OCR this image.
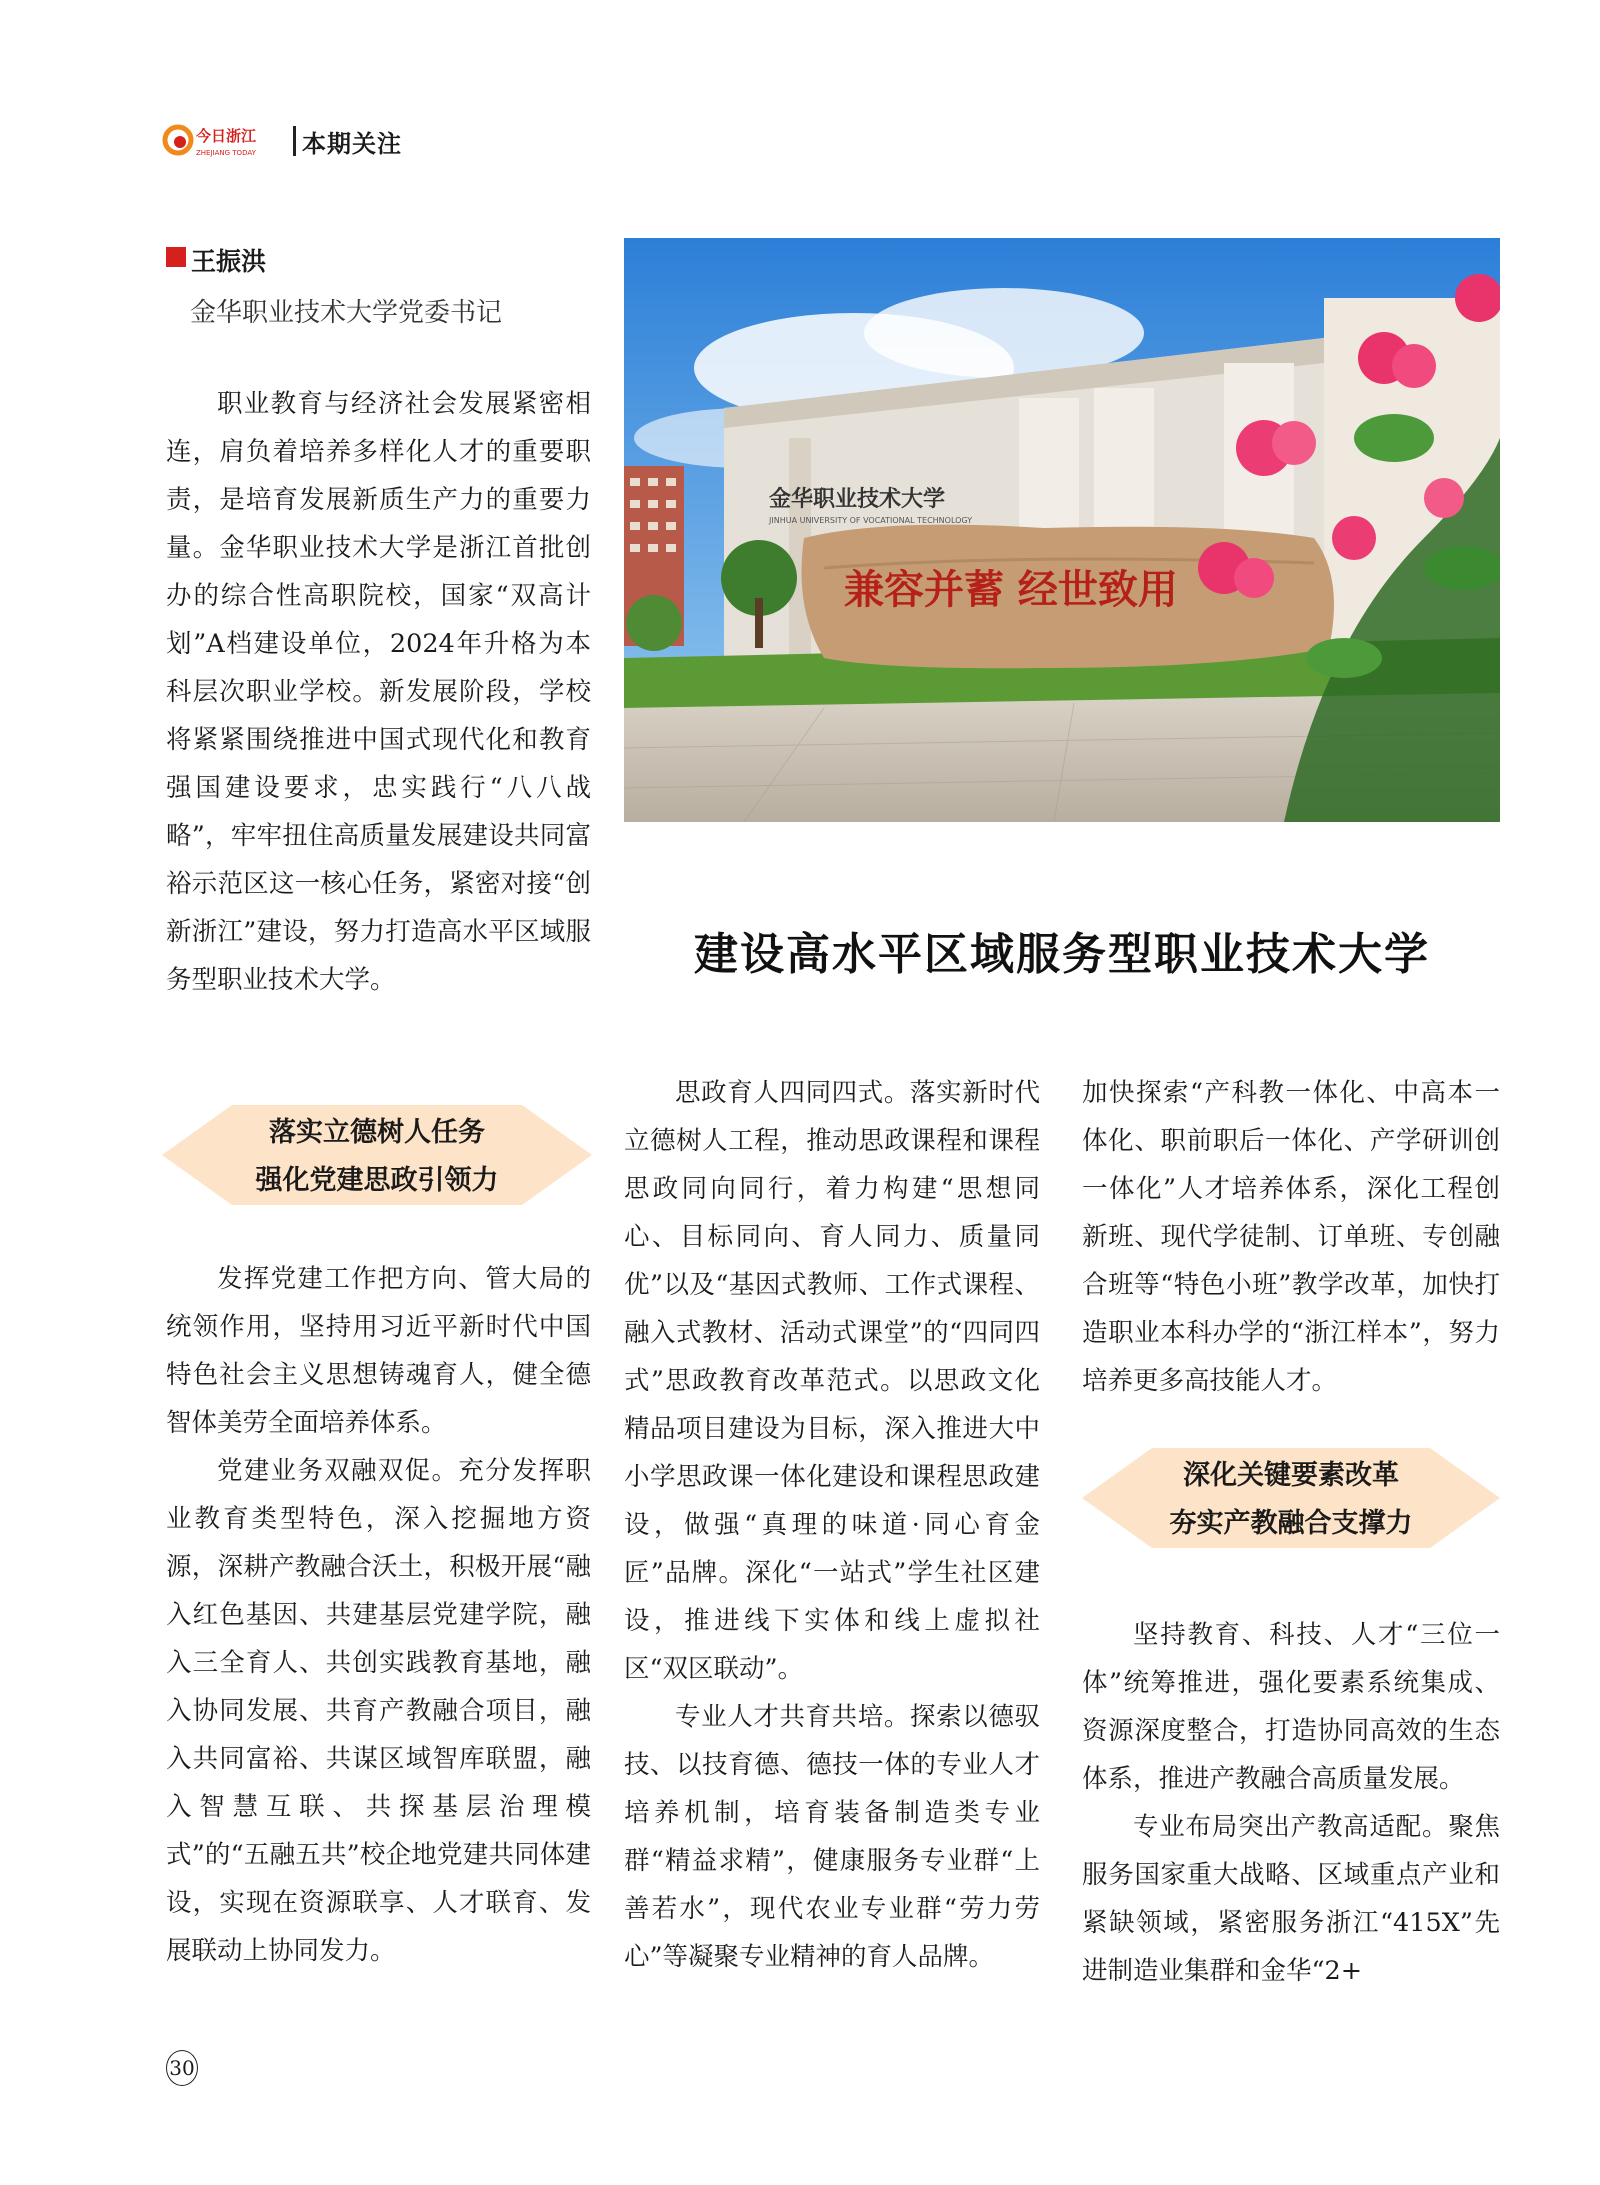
今日浙江
ZHEJIANG TODAY 本期关注
王振洪
金华职业技术大学党委书记
金华职业技术大学
JINHUA UNIVERSITY OF VOCATIONAL TECHNOLOGY
兼容并蓄 经世致用
建设高水平区域服务型职业技术大学

职业教育与经济社会发展紧密相连，肩负着培养多样化人才的重要职责，是培育发展新质生产力的重要力量。金华职业技术大学是浙江首批创办的综合性高职院校，国家“双高计划”A档建设单位，2024年升格为本科层次职业学校。新发展阶段，学校将紧紧围绕推进中国式现代化和教育强国建设要求，忠实践行“八八战略”，牢牢扭住高质量发展建设共同富裕示范区这一核心任务，紧密对接“创新浙江”建设，努力打造高水平区域服务型职业技术大学。

落实立德树人任务
强化党建思政引领力

发挥党建工作把方向、管大局的统领作用，坚持用习近平新时代中国特色社会主义思想铸魂育人，健全德智体美劳全面培养体系。

党建业务双融双促。充分发挥职业教育类型特色，深入挖掘地方资源，深耕产教融合沃土，积极开展“融入红色基因、共建基层党建学院，融入三全育人、共创实践教育基地，融入协同发展、共育产教融合项目，融入共同富裕、共谋区域智库联盟，融入智慧互联、共探基层治理模式”的“五融五共”校企地党建共同体建设，实现在资源联享、人才联育、发展联动上协同发力。

思政育人四同四式。落实新时代立德树人工程，推动思政课程和课程思政同向同行，着力构建“思想同心、目标同向、育人同力、质量同优”以及“基因式教师、工作式课程、融入式教材、活动式课堂”的“四同四式”思政教育改革范式。以思政文化精品项目建设为目标，深入推进大中小学思政课一体化建设和课程思政建设，做强“真理的味道·同心育金匠”品牌。深化“一站式”学生社区建设，推进线下实体和线上虚拟社区“双区联动”。

专业人才共育共培。探索以德驭技、以技育德、德技一体的专业人才培养机制，培育装备制造类专业群“精益求精”，健康服务专业群“上善若水”，现代农业专业群“劳力劳心”等凝聚专业精神的育人品牌。

加快探索“产科教一体化、中高本一体化、职前职后一体化、产学研训创一体化”人才培养体系，深化工程创新班、现代学徒制、订单班、专创融合班等“特色小班”教学改革，加快打造职业本科办学的“浙江样本”，努力培养更多高技能人才。

深化关键要素改革
夯实产教融合支撑力

坚持教育、科技、人才“三位一体”统筹推进，强化要素系统集成、资源深度整合，打造协同高效的生态体系，推进产教融合高质量发展。

专业布局突出产教高适配。聚焦服务国家重大战略、区域重点产业和紧缺领域，紧密服务浙江“415X”先进制造业集群和金华“2+

30
